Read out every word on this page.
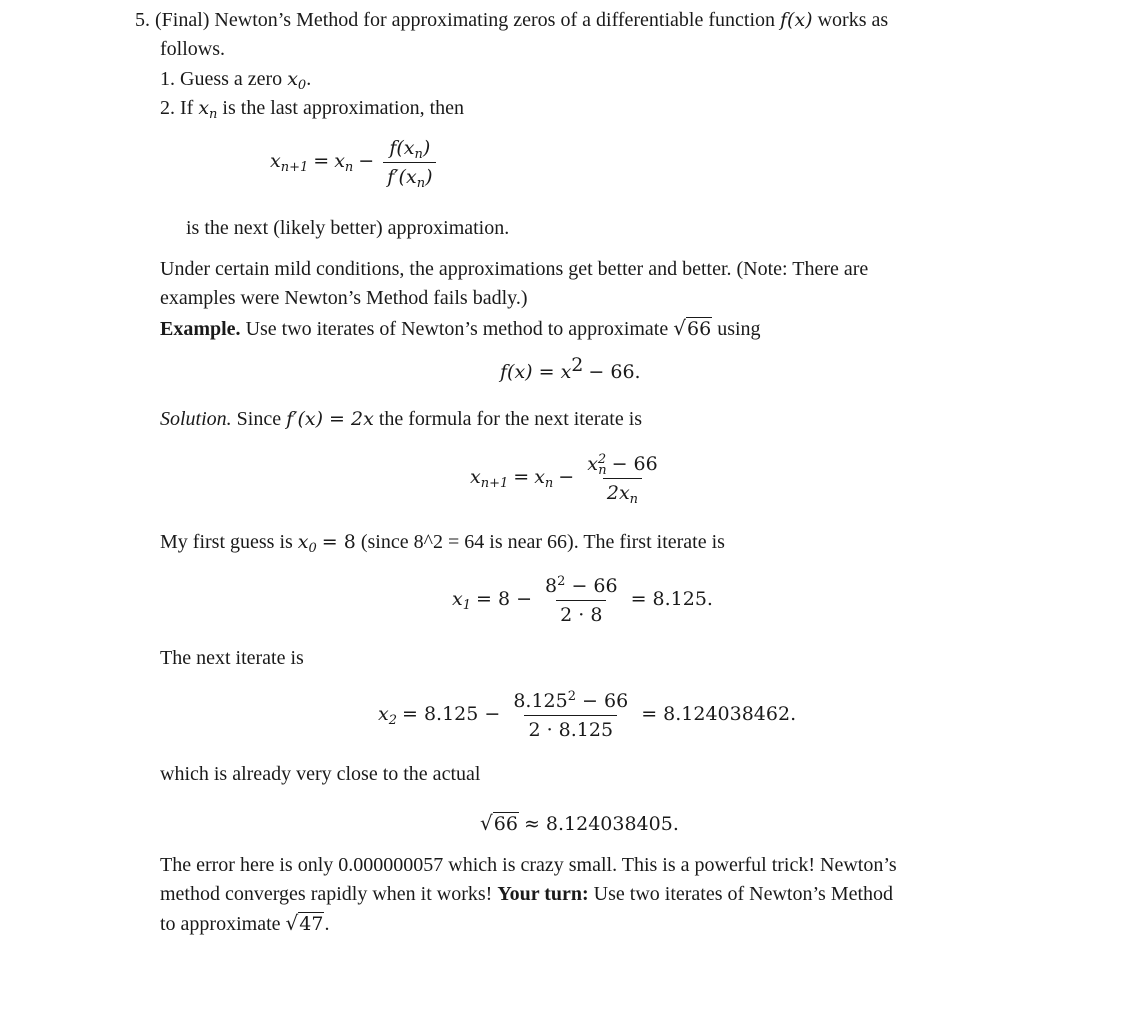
5. (Final) Newton’s Method for approximating zeros of a differentiable function f(x) works as
follows.
1. Guess a zero $x_0$.
2. If $x_n$ is the last approximation, then
$x_{n+1} = x_n - \frac{f(x_n)}{f'(x_n)}$
is the next (likely better) approximation.
Under certain mild conditions, the approximations get better and better. (Note: There are
examples were Newton’s Method fails badly.)
Example. Use two iterates of Newton’s method to approximate √ 66 using
$f(x) = x^2 - 66$.
Solution. Since f′(x) = 2x the formula for the next iterate is
$x_{n+1} = x_n - \frac{x^2_n - 66}{2x_n}$
My first guess is $x_0 = 8$ (since 8^2 = 64 is near 66). The first iterate is
$x_1 = 8 - \frac{8^2 - 66}{2 \cdot 8} = 8.125$.
The next iterate is
$x_2 = 8.125 - \frac{8.125^2 - 66}{2 \cdot 8.125} = 8.124038462$.
which is already very close to the actual
√ 66 ≈ 8.124038405.
The error here is only 0.000000057 which is crazy small. This is a powerful trick! Newton’s
method converges rapidly when it works! Your turn: Use two iterates of Newton’s Method
to approximate √ 47 .
